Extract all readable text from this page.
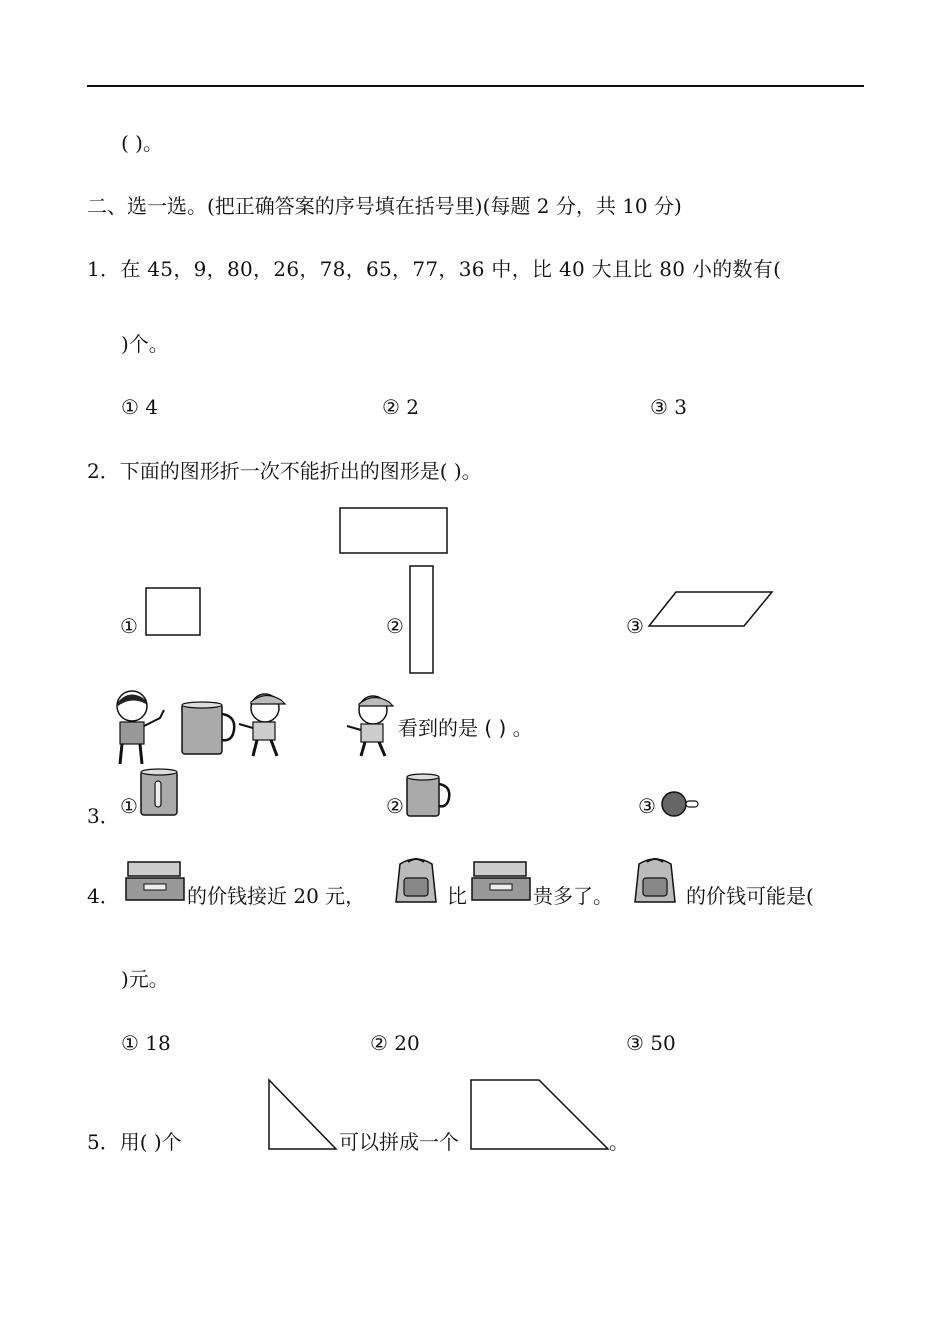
( )。
二、选一选。(把正确答案的序号填在括号里)(每题 2 分，共 10 分)
1．在 45，9，80，26，78，65，77，36 中，比 40 大且比 80 小的数有(
)个。
① 4	② 2	③ 3
2．下面的图形折一次不能折出的图形是( )。
①	②	③
看到的是 ( ) 。
3． ①	②	③
4．	的价钱接近 20 元，	比	贵多了。	的价钱可能是(
)元。
① 18	② 20	③ 50
5．用( )个	可以拼成一个	。
